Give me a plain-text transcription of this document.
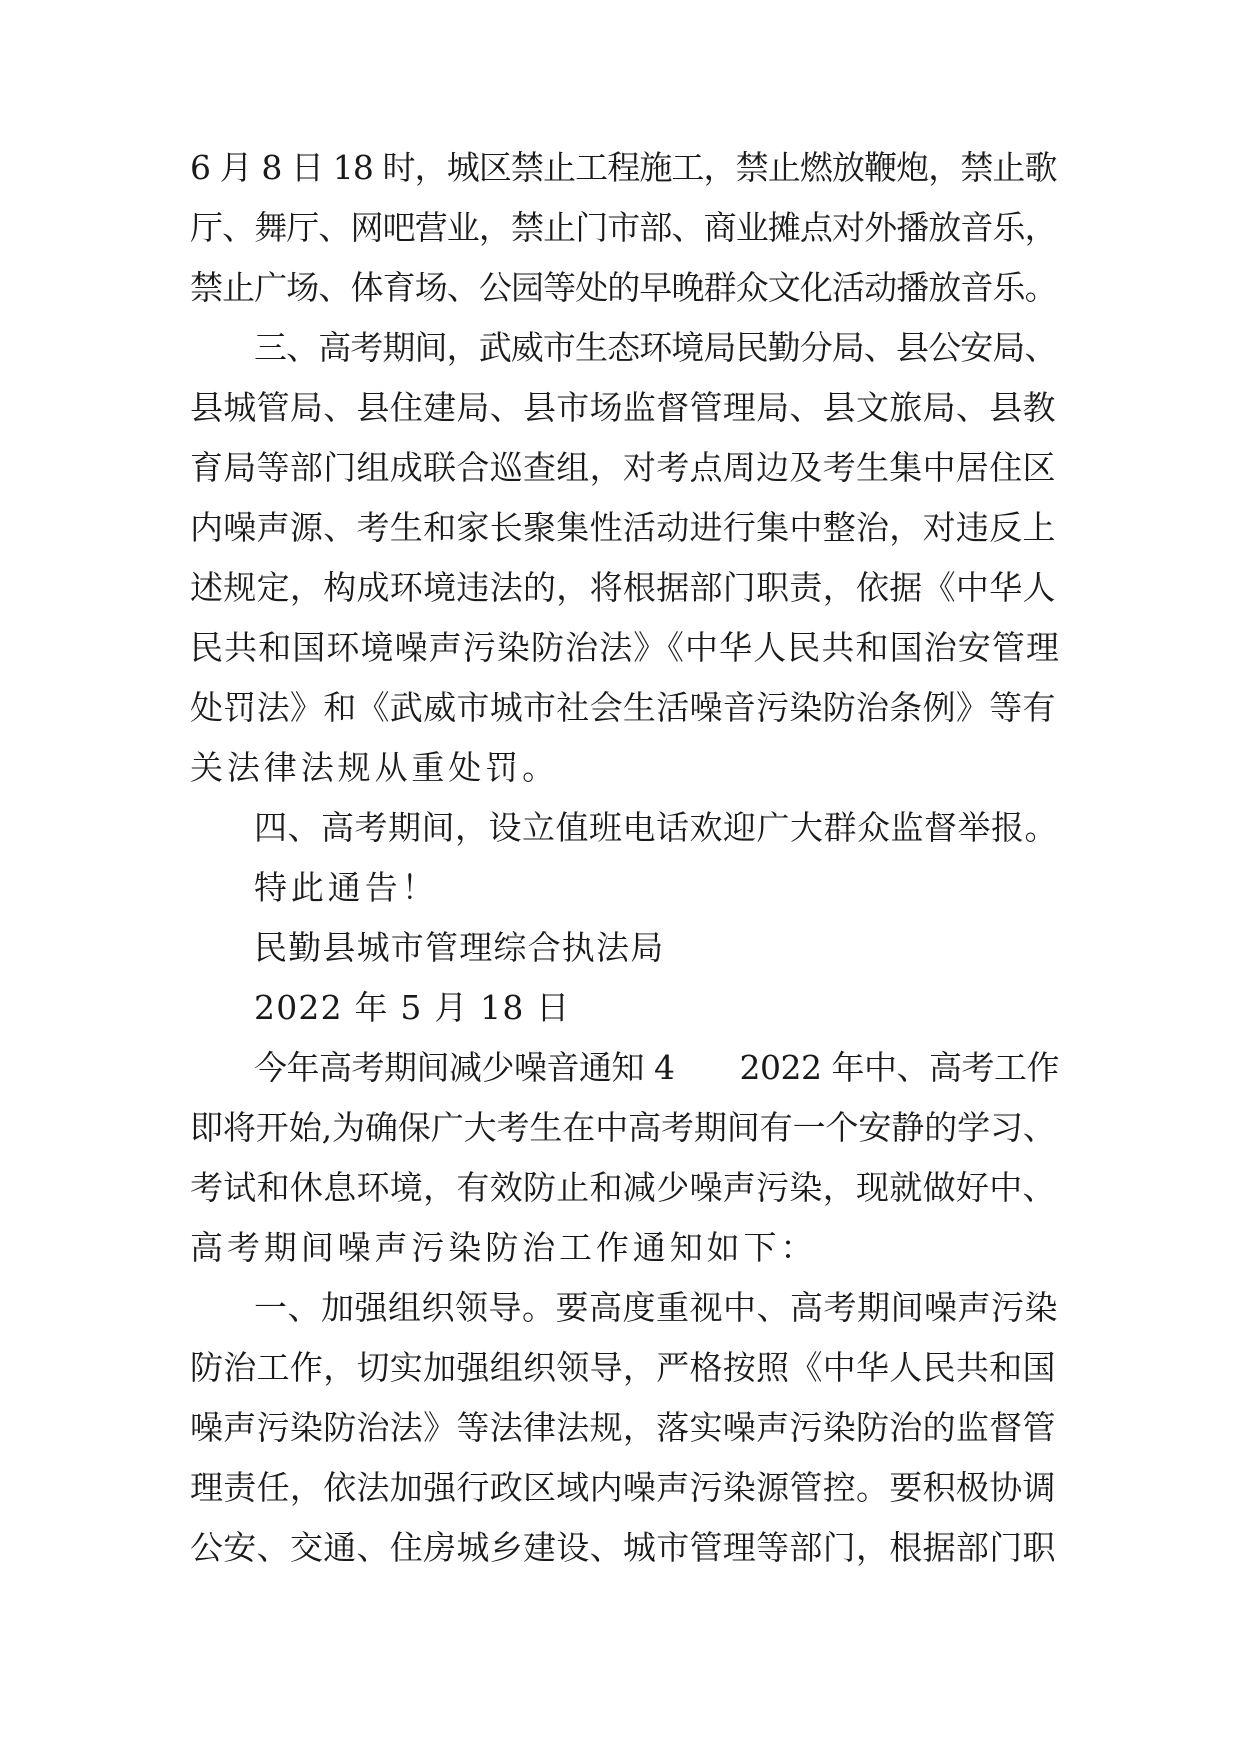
6 月 8 日 18 时，城区禁止工程施工，禁止燃放鞭炮，禁止歌
厅、舞厅、网吧营业，禁止门市部、商业摊点对外播放音乐，
禁止广场、体育场、公园等处的早晚群众文化活动播放音乐。
三、高考期间，武威市生态环境局民勤分局、县公安局、
县城管局、县住建局、县市场监督管理局、县文旅局、县教
育局等部门组成联合巡查组，对考点周边及考生集中居住区
内噪声源、考生和家长聚集性活动进行集中整治，对违反上
述规定，构成环境违法的，将根据部门职责，依据《中华人
民共和国环境噪声污染防治法》《中华人民共和国治安管理
处罚法》和《武威市城市社会生活噪音污染防治条例》等有
关法律法规从重处罚。
四、高考期间，设立值班电话欢迎广大群众监督举报。
特此通告！
民勤县城市管理综合执法局
2022 年 5 月 18 日
今年高考期间减少噪音通知 4　　2022 年中、高考工作
即将开始,为确保广大考生在中高考期间有一个安静的学习、
考试和休息环境，有效防止和减少噪声污染，现就做好中、
高考期间噪声污染防治工作通知如下：
一、加强组织领导。要高度重视中、高考期间噪声污染
防治工作，切实加强组织领导，严格按照《中华人民共和国
噪声污染防治法》等法律法规，落实噪声污染防治的监督管
理责任，依法加强行政区域内噪声污染源管控。要积极协调
公安、交通、住房城乡建设、城市管理等部门，根据部门职
